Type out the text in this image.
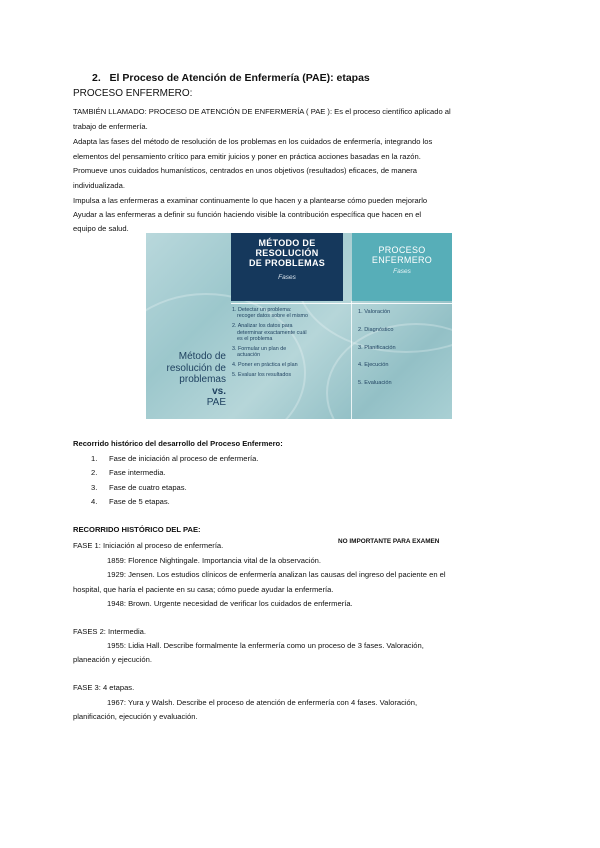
2. El Proceso de Atención de Enfermería (PAE): etapas
PROCESO ENFERMERO:
TAMBIÉN LLAMADO: PROCESO DE ATENCIÓN DE ENFERMERÍA ( PAE ): Es el proceso científico aplicado al
trabajo de enfermería.
Adapta las fases del método de resolución de los problemas en los cuidados de enfermería, integrando los
elementos del pensamiento crítico para emitir juicios y poner en práctica acciones basadas en la razón.
Promueve unos cuidados humanísticos, centrados en unos objetivos (resultados) eficaces, de manera
individualizada.
Impulsa a las enfermeras a examinar continuamente lo que hacen y a plantearse cómo pueden mejorarlo
Ayudar a las enfermeras a definir su función haciendo visible la contribución específica que hacen en el
equipo de salud.
MÉTODO DE
RESOLUCIÓN
DE PROBLEMAS
Fases
PROCESO
ENFERMERO
Fases
Método de
resolución de
problemas
vs.
PAE
1. Detectar un problema:
recoger datos sobre el mismo
2. Analizar los datos para
determinar exactamente cuál
es el problema
3. Formular un plan de
actuación
4. Poner en práctica el plan
5. Evaluar los resultados
1. Valoración
2. Diagnóstico
3. Planificación
4. Ejecución
5. Evaluación
Recorrido histórico del desarrollo del Proceso Enfermero:
1.	Fase de iniciación al proceso de enfermería.
2.	Fase intermedia.
3.	Fase de cuatro etapas.
4.	Fase de 5 etapas.
RECORRIDO HISTÓRICO DEL PAE:
NO IMPORTANTE PARA EXAMEN
FASE 1: Iniciación al proceso de enfermería.
1859: Florence Nightingale. Importancia vital de la observación.
1929: Jensen. Los estudios clínicos de enfermería analizan las causas del ingreso del paciente en el
hospital, que haría el paciente en su casa; cómo puede ayudar la enfermería.
1948: Brown. Urgente necesidad de verificar los cuidados de enfermería.
FASES 2: Intermedia.
1955: Lidia Hall. Describe formalmente la enfermería como un proceso de 3 fases. Valoración,
planeación y ejecución.
FASE 3: 4 etapas.
1967: Yura y Walsh. Describe el proceso de atención de enfermería con 4 fases. Valoración,
planificación, ejecución y evaluación.
